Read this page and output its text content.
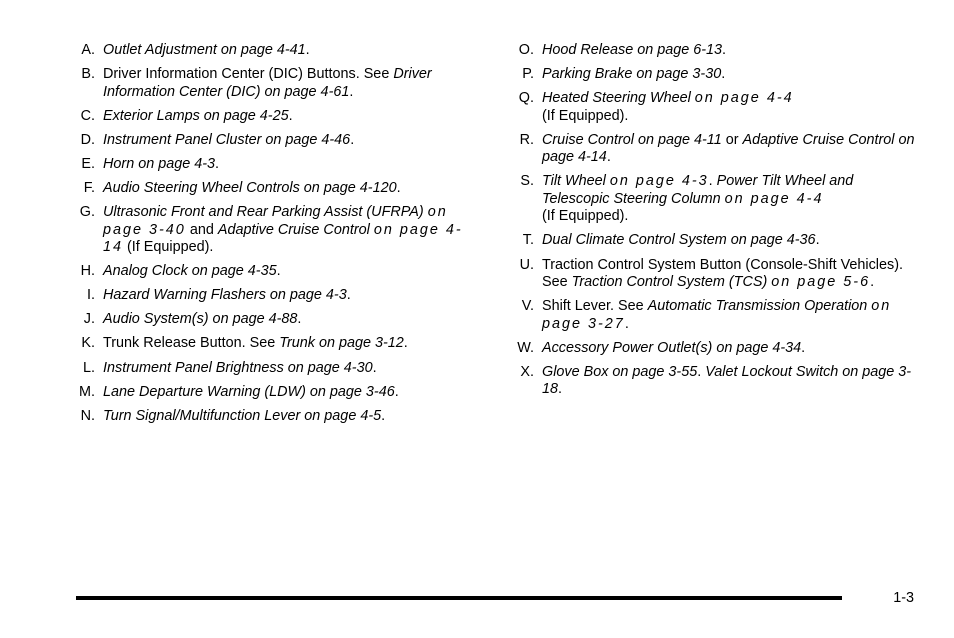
A. Outlet Adjustment on page 4-41.
B. Driver Information Center (DIC) Buttons. See Driver Information Center (DIC) on page 4-61.
C. Exterior Lamps on page 4-25.
D. Instrument Panel Cluster on page 4-46.
E. Horn on page 4-3.
F. Audio Steering Wheel Controls on page 4-120.
G. Ultrasonic Front and Rear Parking Assist (UFRPA) on page 3-40 and Adaptive Cruise Control on page 4-14 (If Equipped).
H. Analog Clock on page 4-35.
I. Hazard Warning Flashers on page 4-3.
J. Audio System(s) on page 4-88.
K. Trunk Release Button. See Trunk on page 3-12.
L. Instrument Panel Brightness on page 4-30.
M. Lane Departure Warning (LDW) on page 3-46.
N. Turn Signal/Multifunction Lever on page 4-5.
O. Hood Release on page 6-13.
P. Parking Brake on page 3-30.
Q. Heated Steering Wheel on page 4-4
(If Equipped).
R. Cruise Control on page 4-11 or Adaptive Cruise Control on page 4-14.
S. Tilt Wheel on page 4-3. Power Tilt Wheel and Telescopic Steering Column on page 4-4
(If Equipped).
T. Dual Climate Control System on page 4-36.
U. Traction Control System Button (Console-Shift Vehicles). See Traction Control System (TCS) on page 5-6.
V. Shift Lever. See Automatic Transmission Operation on page 3-27.
W. Accessory Power Outlet(s) on page 4-34.
X. Glove Box on page 3-55. Valet Lockout Switch on page 3-18.
1-3
